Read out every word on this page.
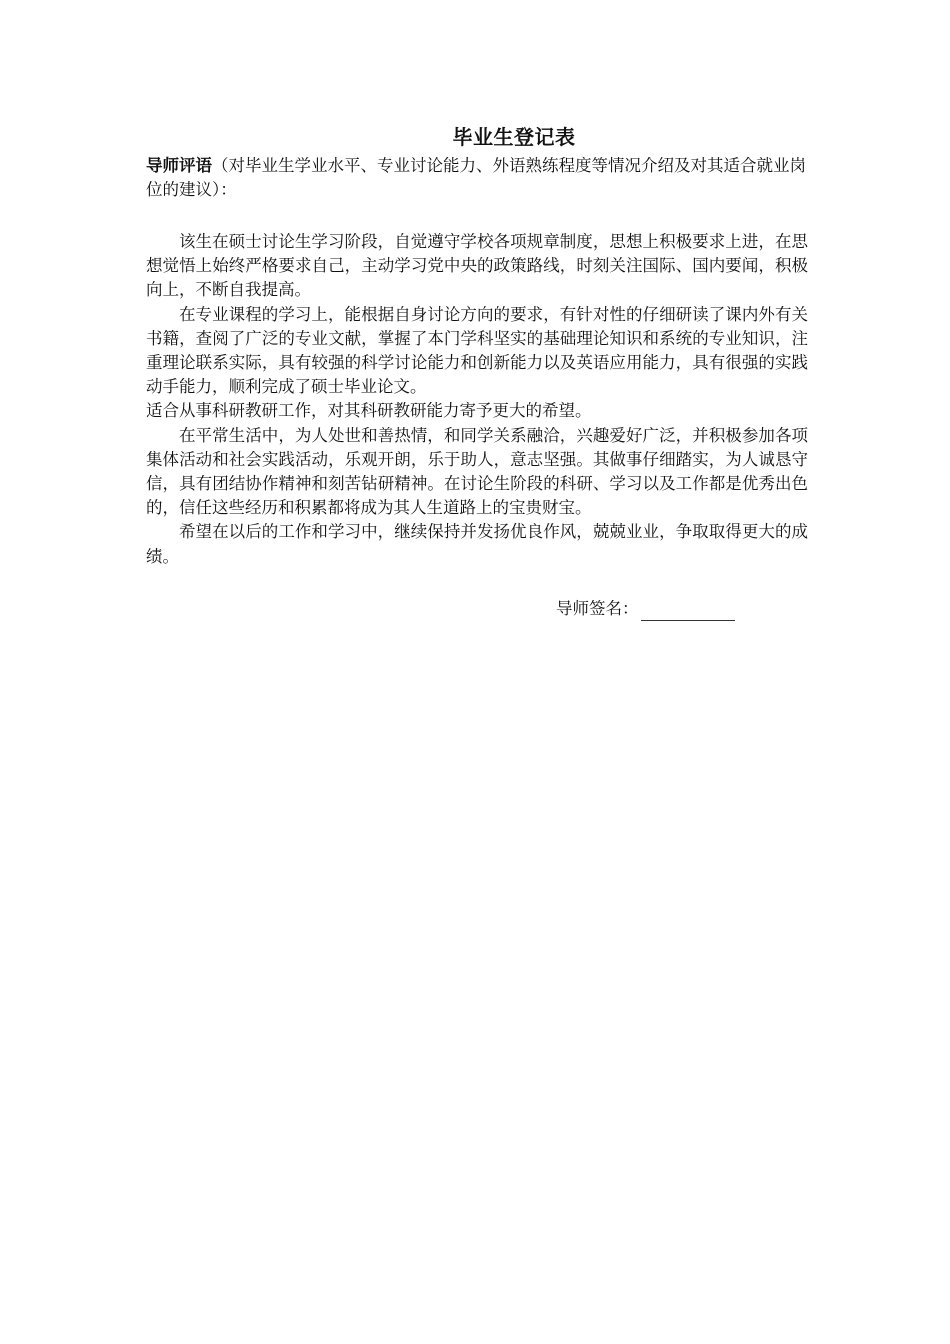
毕业生登记表

导师评语（对毕业生学业水平、专业讨论能力、外语熟练程度等情况介绍及对其适合就业岗位的建议）：

该生在硕士讨论生学习阶段，自觉遵守学校各项规章制度，思想上积极要求上进，在思想觉悟上始终严格要求自己，主动学习党中央的政策路线，时刻关注国际、国内要闻，积极向上，不断自我提高。

在专业课程的学习上，能根据自身讨论方向的要求，有针对性的仔细研读了课内外有关书籍，查阅了广泛的专业文献，掌握了本门学科坚实的基础理论知识和系统的专业知识，注重理论联系实际，具有较强的科学讨论能力和创新能力以及英语应用能力，具有很强的实践动手能力，顺利完成了硕士毕业论文。

适合从事科研教研工作，对其科研教研能力寄予更大的希望。

在平常生活中，为人处世和善热情，和同学关系融洽，兴趣爱好广泛，并积极参加各项集体活动和社会实践活动，乐观开朗，乐于助人，意志坚强。其做事仔细踏实，为人诚恳守信，具有团结协作精神和刻苦钻研精神。在讨论生阶段的科研、学习以及工作都是优秀出色的，信任这些经历和积累都将成为其人生道路上的宝贵财宝。

希望在以后的工作和学习中，继续保持并发扬优良作风，兢兢业业，争取取得更大的成绩。

导师签名：
